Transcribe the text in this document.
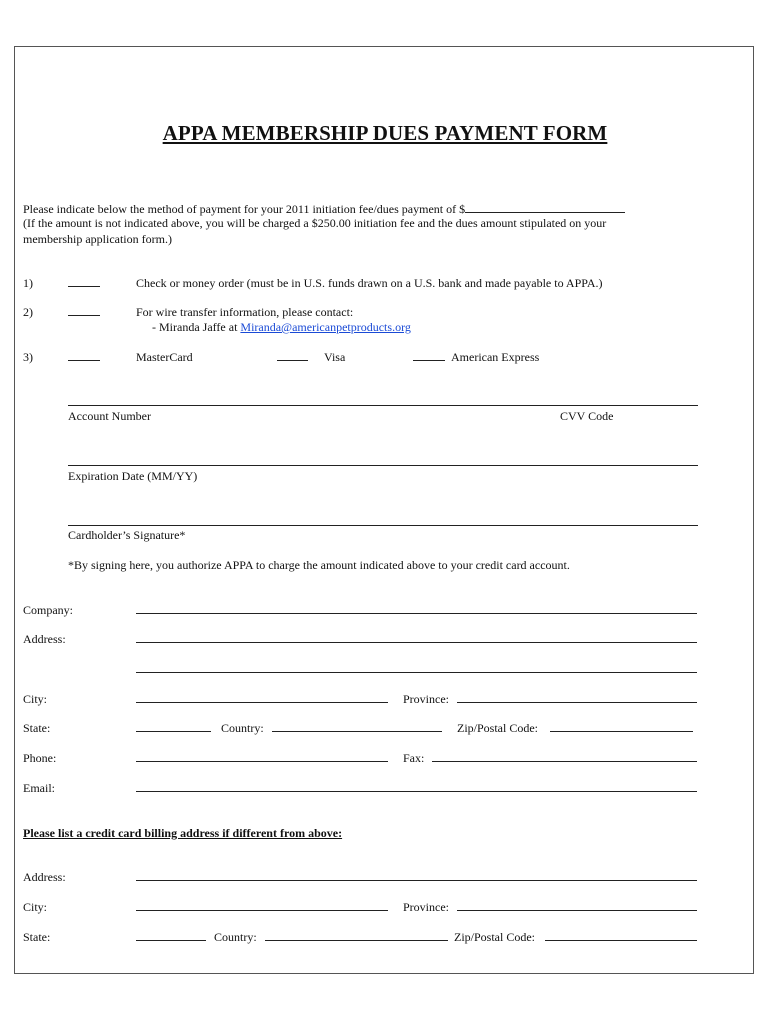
APPA MEMBERSHIP DUES PAYMENT FORM
Please indicate below the method of payment for your 2011 initiation fee/dues payment of $
(If the amount is not indicated above, you will be charged a $250.00 initiation fee and the dues amount stipulated on your
membership application form.)
1)	Check or money order (must be in U.S. funds drawn on a U.S. bank and made payable to APPA.)
2)	For wire transfer information, please contact:
- Miranda Jaffe at Miranda@americanpetproducts.org
3)	MasterCard	Visa	American Express
Account Number	CVV Code
Expiration Date (MM/YY)
Cardholder’s Signature*
*By signing here, you authorize APPA to charge the amount indicated above to your credit card account.
Company:
Address:
City:	Province:
State:	Country:	Zip/Postal Code:
Phone:	Fax:
Email:
Please list a credit card billing address if different from above:
Address:
City:	Province:
State:	Country:	Zip/Postal Code:
